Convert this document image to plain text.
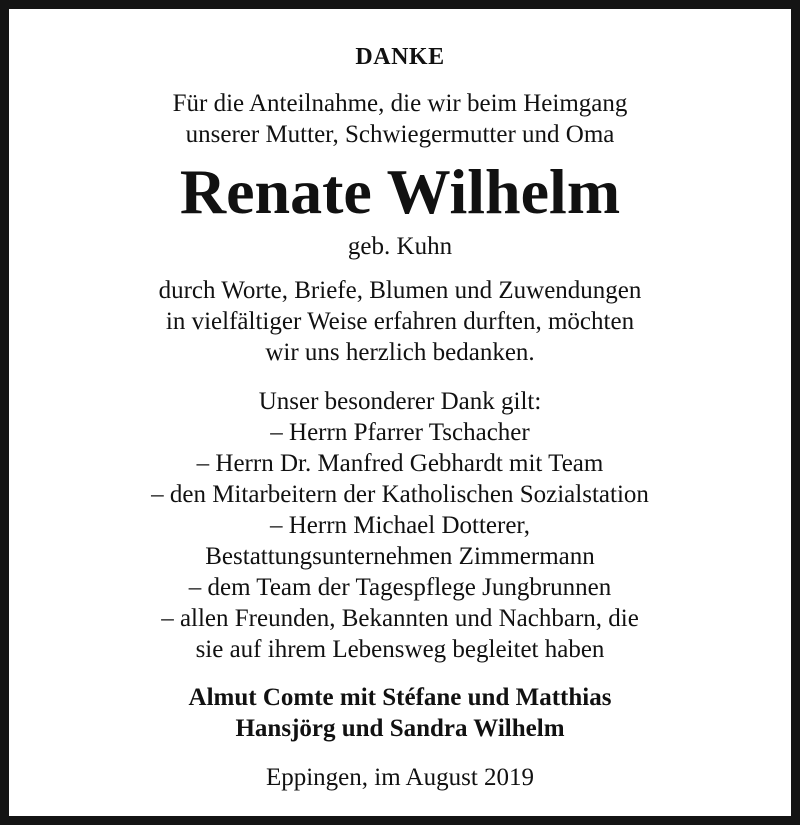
DANKE
Für die Anteilnahme, die wir beim Heimgang
unserer Mutter, Schwiegermutter und Oma
Renate Wilhelm
geb. Kuhn
durch Worte, Briefe, Blumen und Zuwendungen
in vielfältiger Weise erfahren durften, möchten
wir uns herzlich bedanken.
Unser besonderer Dank gilt:
– Herrn Pfarrer Tschacher
– Herrn Dr. Manfred Gebhardt mit Team
– den Mitarbeitern der Katholischen Sozialstation
– Herrn Michael Dotterer,
Bestattungsunternehmen Zimmermann
– dem Team der Tagespflege Jungbrunnen
– allen Freunden, Bekannten und Nachbarn, die
sie auf ihrem Lebensweg begleitet haben
Almut Comte mit Stéfane und Matthias
Hansjörg und Sandra Wilhelm
Eppingen, im August 2019
